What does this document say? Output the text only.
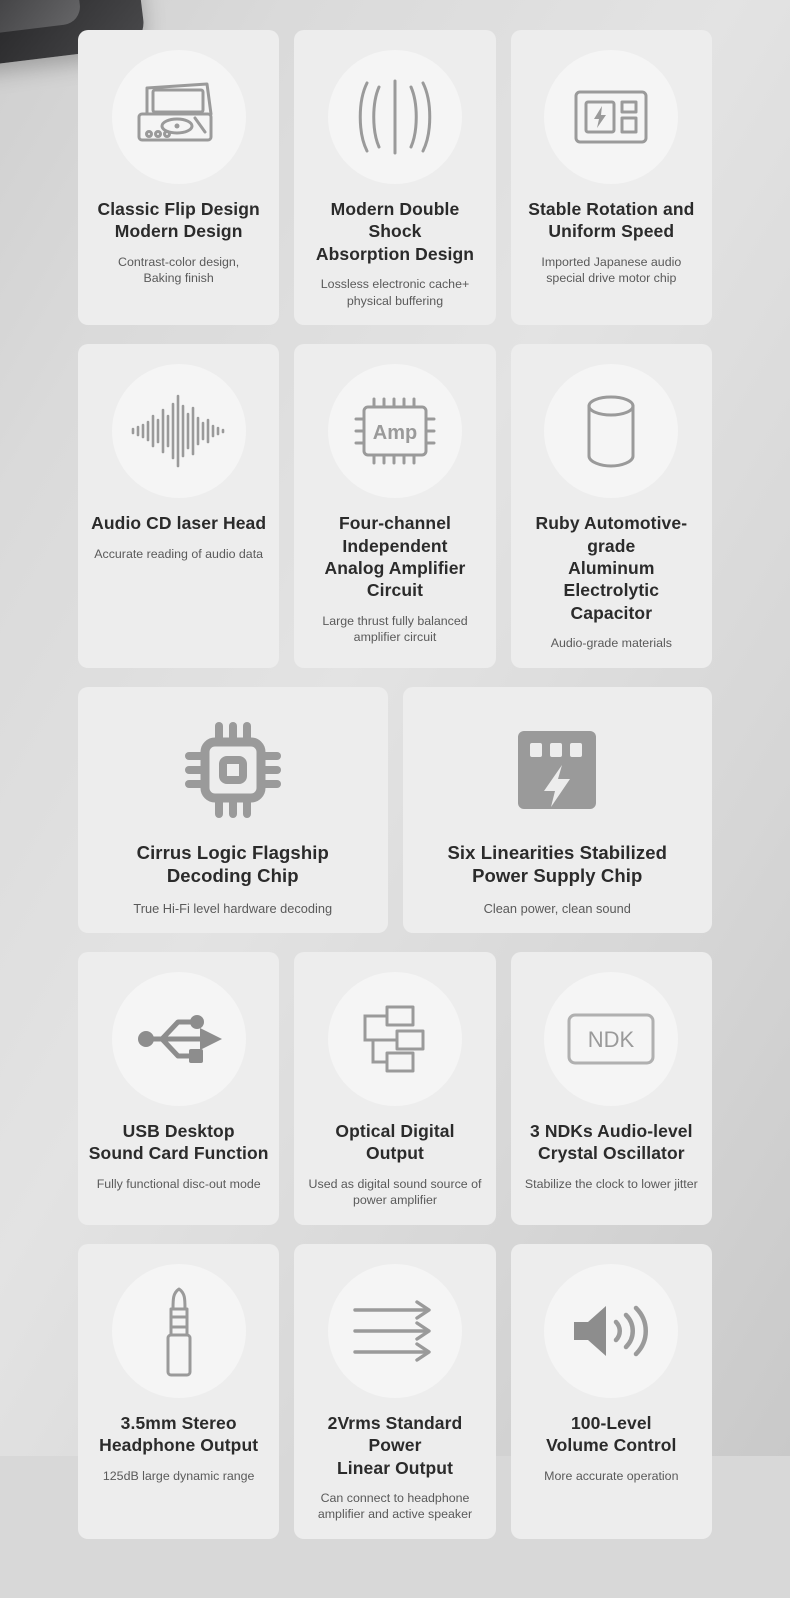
Classic Flip Design
Modern Design
Contrast-color design,
Baking finish
Modern Double Shock
Absorption Design
Lossless electronic cache+
physical buffering
Stable Rotation and
Uniform Speed
Imported Japanese audio
special drive motor chip
Audio CD laser Head
Accurate reading of audio data
Amp
Four-channel Independent
Analog Amplifier Circuit
Large thrust fully balanced
amplifier circuit
Ruby Automotive-grade
Aluminum Electrolytic
Capacitor
Audio-grade materials
Cirrus Logic Flagship
Decoding Chip
True Hi-Fi level hardware decoding
Six Linearities Stabilized
Power Supply Chip
Clean power, clean sound
USB Desktop
Sound Card Function
Fully functional disc-out mode
Optical Digital Output
Used as digital sound source of
power amplifier
NDK
3 NDKs Audio-level
Crystal Oscillator
Stabilize the clock to lower jitter
3.5mm Stereo
Headphone Output
125dB large dynamic range
2Vrms Standard Power
Linear Output
Can connect to headphone
amplifier and active speaker
100-Level
Volume Control
More accurate operation
